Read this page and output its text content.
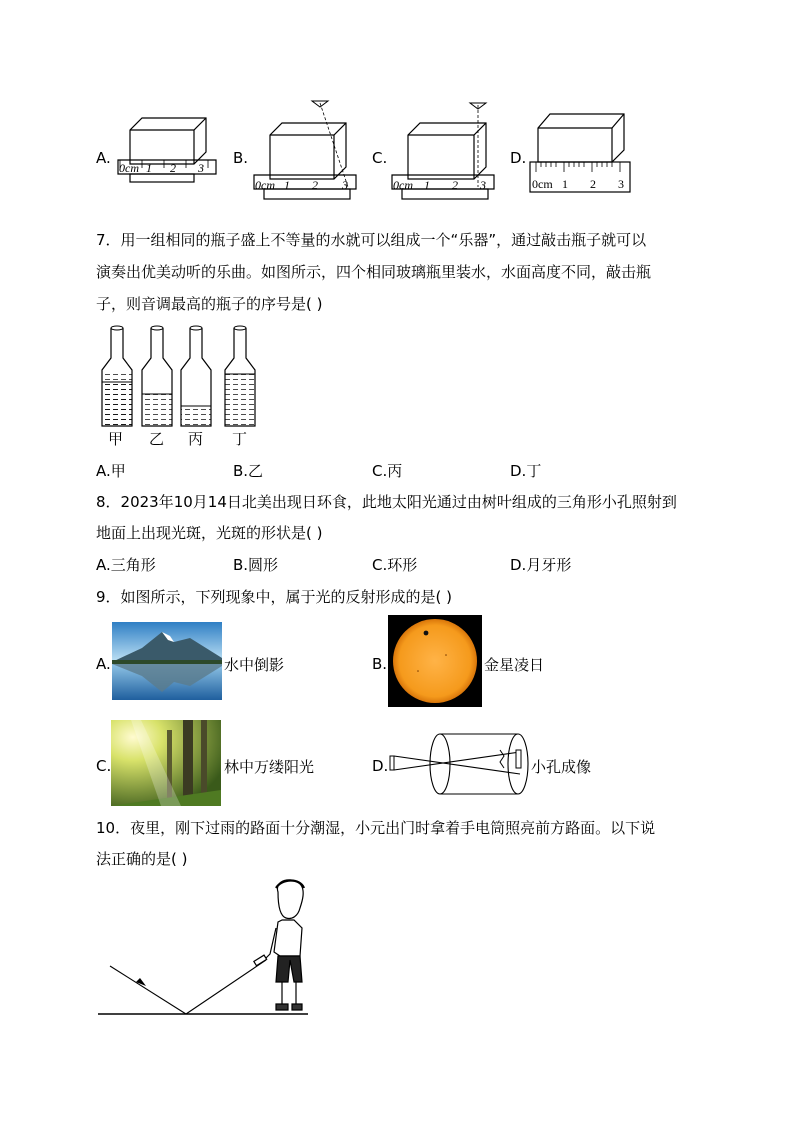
A.
0cm 1 2 3
B.
0cm 1 2 3
C.
0cm 1 2 3
D.
0cm 1 2 3
7．用一组相同的瓶子盛上不等量的水就可以组成一个“乐器”，通过敲击瓶子就可以
演奏出优美动听的乐曲。如图所示，四个相同玻璃瓶里装水，水面高度不同，敲击瓶
子，则音调最高的瓶子的序号是( )
甲 乙 丙 丁
A.甲	B.乙	C.丙	D.丁
8．2023年10月14日北美出现日环食，此地太阳光通过由树叶组成的三角形小孔照射到
地面上出现光斑，光斑的形状是( )
A.三角形	B.圆形	C.环形	D.月牙形
9．如图所示，下列现象中，属于光的反射形成的是( )
A.	水中倒影	B.	金星凌日
C.	林中万缕阳光	D.	小孔成像
10．夜里，刚下过雨的路面十分潮湿，小元出门时拿着手电筒照亮前方路面。以下说
法正确的是( )
